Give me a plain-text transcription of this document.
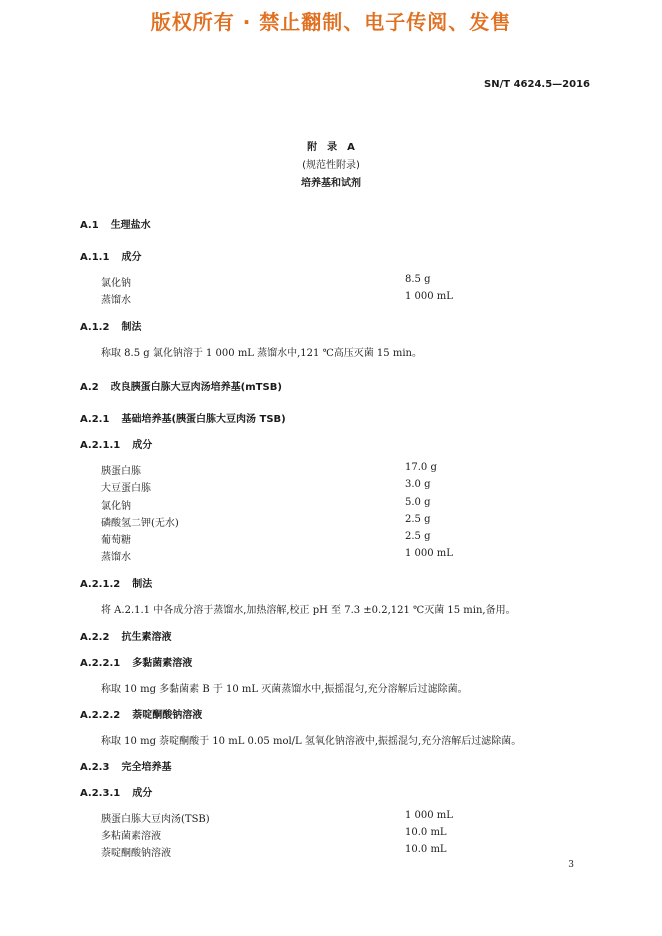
版权所有 · 禁止翻制、电子传阅、发售
SN/T 4624.5—2016
附　录　A
(规范性附录)
培养基和试剂
A.1 生理盐水
A.1.1 成分
氯化钠	8.5 g
蒸馏水	1 000 mL
A.1.2 制法
称取 8.5 g 氯化钠溶于 1 000 mL 蒸馏水中,121 ℃高压灭菌 15 min。
A.2 改良胰蛋白胨大豆肉汤培养基(mTSB)
A.2.1 基础培养基(胰蛋白胨大豆肉汤 TSB)
A.2.1.1 成分
胰蛋白胨	17.0 g
大豆蛋白胨	3.0 g
氯化钠	5.0 g
磷酸氢二钾(无水)	2.5 g
葡萄糖	2.5 g
蒸馏水	1 000 mL
A.2.1.2 制法
将 A.2.1.1 中各成分溶于蒸馏水,加热溶解,校正 pH 至 7.3 ±0.2,121 ℃灭菌 15 min,备用。
A.2.2 抗生素溶液
A.2.2.1 多黏菌素溶液
称取 10 mg 多黏菌素 B 于 10 mL 灭菌蒸馏水中,振摇混匀,充分溶解后过滤除菌。
A.2.2.2 萘啶酮酸钠溶液
称取 10 mg 萘啶酮酸于 10 mL 0.05 mol/L 氢氧化钠溶液中,振摇混匀,充分溶解后过滤除菌。
A.2.3 完全培养基
A.2.3.1 成分
胰蛋白胨大豆肉汤(TSB)	1 000 mL
多粘菌素溶液	10.0 mL
萘啶酮酸钠溶液	10.0 mL
3
